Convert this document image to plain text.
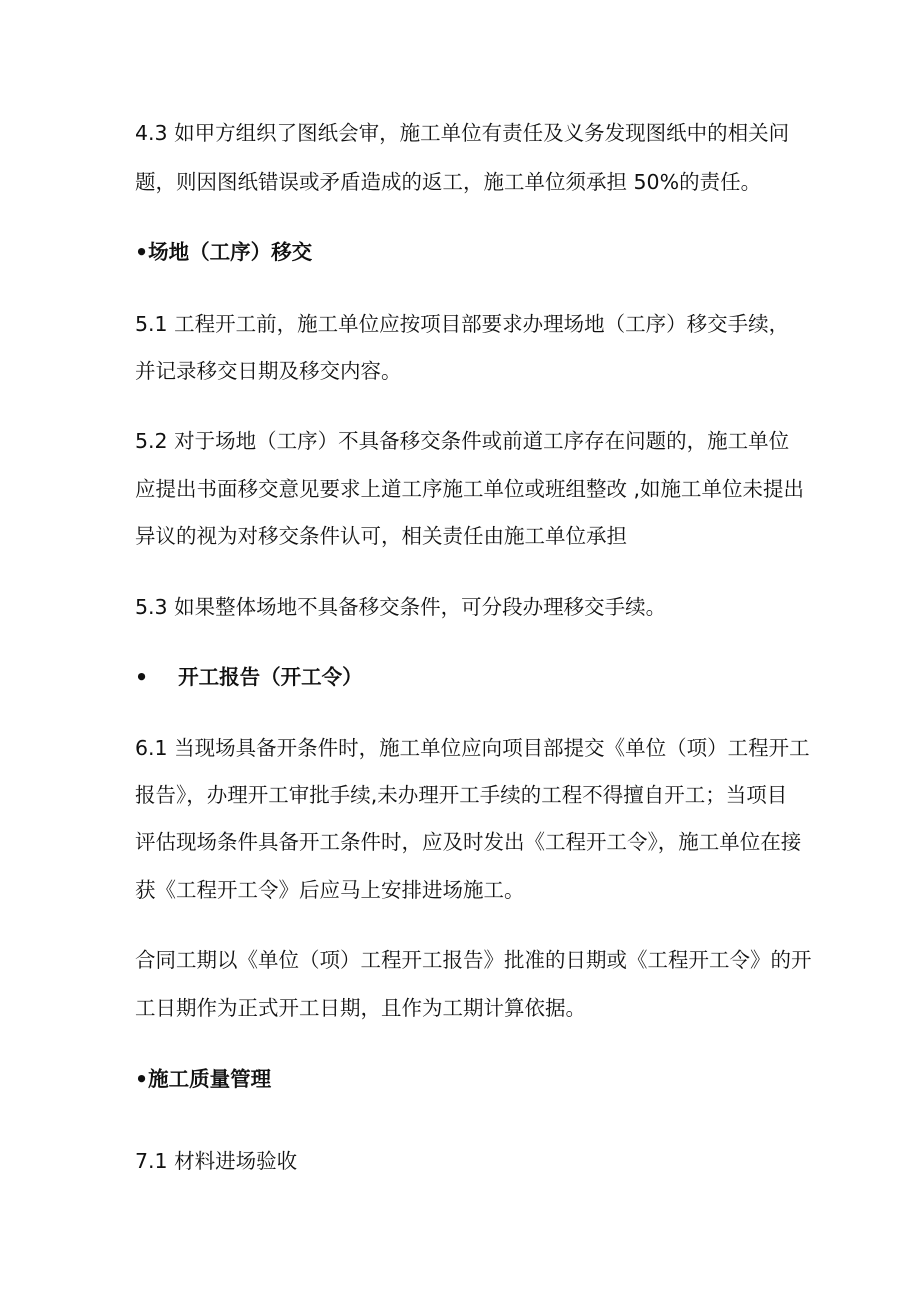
4.3 如甲方组织了图纸会审，施工单位有责任及义务发现图纸中的相关问
题，则因图纸错误或矛盾造成的返工，施工单位须承担 50%的责任。
•场地（工序）移交
5.1 工程开工前，施工单位应按项目部要求办理场地（工序）移交手续，
并记录移交日期及移交内容。
5.2 对于场地（工序）不具备移交条件或前道工序存在问题的，施工单位
应提出书面移交意见要求上道工序施工单位或班组整改 ,如施工单位未提出
异议的视为对移交条件认可，相关责任由施工单位承担
5.3 如果整体场地不具备移交条件，可分段办理移交手续。
• 开工报告（开工令）
6.1 当现场具备开条件时，施工单位应向项目部提交《单位（项）工程开工
报告》，办理开工审批手续,未办理开工手续的工程不得擅自开工；当项目
评估现场条件具备开工条件时，应及时发出《工程开工令》，施工单位在接
获《工程开工令》后应马上安排进场施工。
合同工期以《单位（项）工程开工报告》批准的日期或《工程开工令》的开
工日期作为正式开工日期，且作为工期计算依据。
•施工质量管理
7.1 材料进场验收
